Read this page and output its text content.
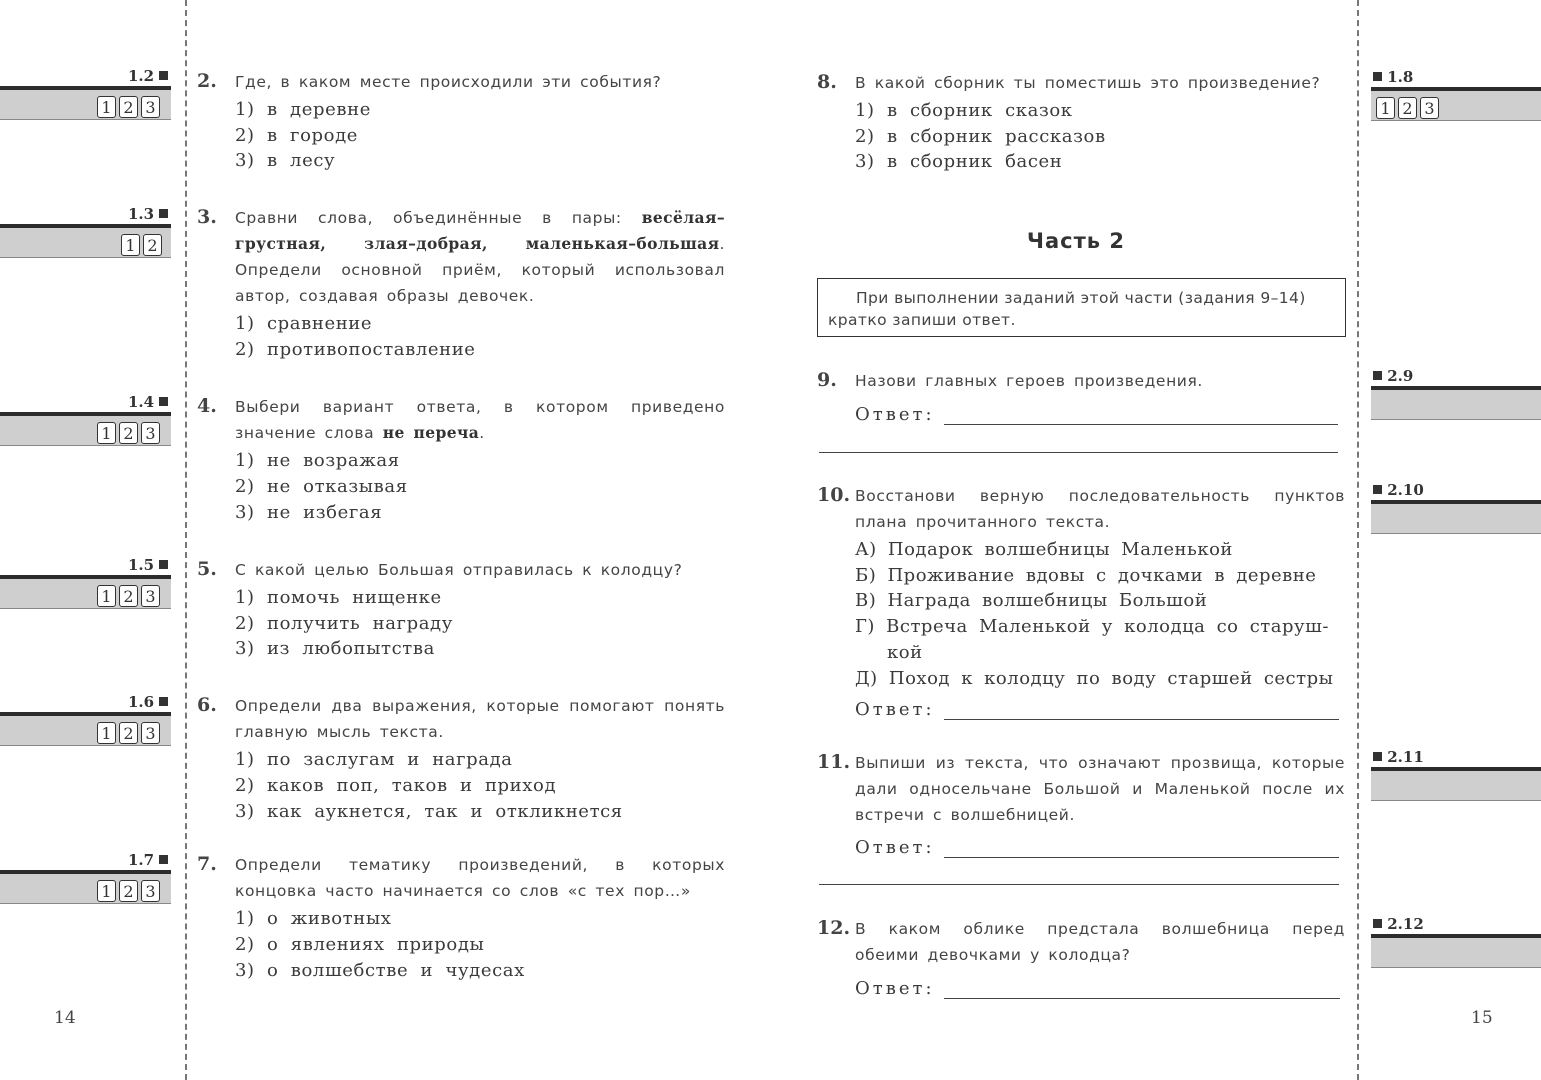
1.2
1 2 3
2. Где, в каком месте происходили эти события?
1) в деревне
2) в городе
3) в лесу
1.3
1 2
3. Сравни слова, объединённые в пары: весёлая–грустная, злая–добрая, маленькая–большая. Определи основной приём, который использовал автор, создавая образы девочек.
1) сравнение
2) противопоставление
1.4
1 2 3
4. Выбери вариант ответа, в котором приведено значение слова не перечa.
1) не возражая
2) не отказывая
3) не избегая
1.5
1 2 3
5. С какой целью Большая отправилась к колодцу?
1) помочь нищенке
2) получить награду
3) из любопытства
1.6
1 2 3
6. Определи два выражения, которые помогают понять главную мысль текста.
1) по заслугам и награда
2) каков поп, таков и приход
3) как аукнется, так и откликнется
1.7
1 2 3
7. Определи тематику произведений, в которых концовка часто начинается со слов «с тех пор…»
1) о животных
2) о явлениях природы
3) о волшебстве и чудесах
14
8. В какой сборник ты поместишь это произведение?
1) в сборник сказок
2) в сборник рассказов
3) в сборник басен
1.8
1 2 3
Часть 2
При выполнении заданий этой части (задания 9–14) кратко запиши ответ.
9. Назови главных героев произведения.
Ответ:
2.9
10. Восстанови верную последовательность пунктов плана прочитанного текста.
А) Подарок волшебницы Маленькой
Б) Проживание вдовы с дочками в деревне
В) Награда волшебницы Большой
Г) Встреча Маленькой у колодца со старуш-
кой
Д) Поход к колодцу по воду старшей сестры
Ответ:
2.10
11. Выпиши из текста, что означают прозвища, которые дали односельчане Большой и Маленькой после их встречи с волшебницей.
Ответ:
2.11
12. В каком облике предстала волшебница перед обеими девочками у колодца?
Ответ:
2.12
15
